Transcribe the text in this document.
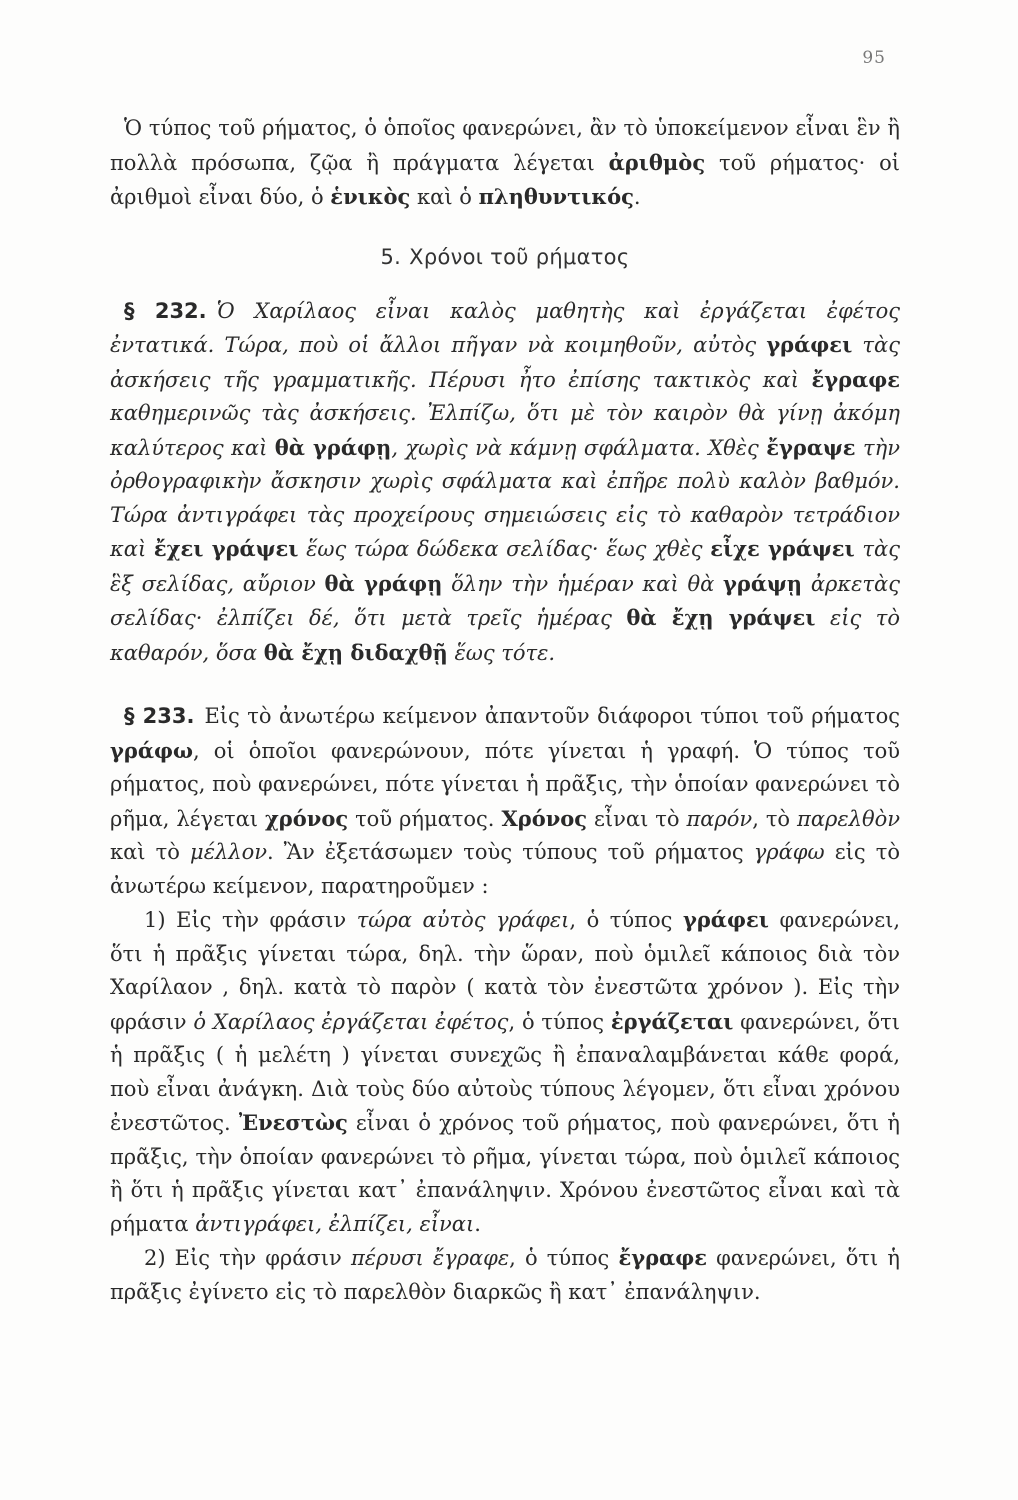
95

Ὁ τύπος τοῦ ρήματος, ὁ ὁποῖος φανερώνει, ἂν τὸ ὑποκείμενον εἶναι ἓν ἢ πολλὰ πρόσωπα, ζῷα ἢ πράγματα λέγεται ἀριθμὸς τοῦ ρήματος· οἱ ἀριθμοὶ εἶναι δύο, ὁ ἑνικὸς καὶ ὁ πληθυντικός.

5. Χρόνοι τοῦ ρήματος

§ 232. Ὁ Χαρίλαος εἶναι καλὸς μαθητὴς καὶ ἐργάζεται ἐφέτος ἐντατικά. Τώρα, ποὺ οἱ ἄλλοι πῆγαν νὰ κοιμηθοῦν, αὐτὸς γράφει τὰς ἀσκήσεις τῆς γραμματικῆς. Πέρυσι ἦτο ἐπίσης τακτικὸς καὶ ἔγραφε καθημερινῶς τὰς ἀσκήσεις. Ἐλπίζω, ὅτι μὲ τὸν καιρὸν θὰ γίνῃ ἀκόμη καλύτερος καὶ θὰ γράφῃ, χωρὶς νὰ κάμνῃ σφάλματα. Χθὲς ἔγραψε τὴν ὀρθογραφικὴν ἄσκησιν χωρὶς σφάλματα καὶ ἐπῆρε πολὺ καλὸν βαθμόν. Τώρα ἀντιγράφει τὰς προχείρους σημειώσεις εἰς τὸ καθαρὸν τετράδιον καὶ ἔχει γράψει ἕως τώρα δώδεκα σελίδας· ἕως χθὲς εἶχε γράψει τὰς ἓξ σελίδας, αὔριον θὰ γράφῃ ὅλην τὴν ἡμέραν καὶ θὰ γράψῃ ἀρκετὰς σελίδας· ἐλπίζει δέ, ὅτι μετὰ τρεῖς ἡμέρας θὰ ἔχῃ γράψει εἰς τὸ καθαρόν, ὅσα θὰ ἔχῃ διδαχθῇ ἕως τότε.

§ 233. Εἰς τὸ ἀνωτέρω κείμενον ἀπαντοῦν διάφοροι τύποι τοῦ ρήματος γράφω, οἱ ὁποῖοι φανερώνουν, πότε γίνεται ἡ γραφή. Ὁ τύπος τοῦ ρήματος, ποὺ φανερώνει, πότε γίνεται ἡ πρᾶξις, τὴν ὁποίαν φανερώνει τὸ ρῆμα, λέγεται χρόνος τοῦ ρήματος. Χρόνος εἶναι τὸ παρόν, τὸ παρελθὸν καὶ τὸ μέλλον. Ἂν ἐξετάσωμεν τοὺς τύπους τοῦ ρήματος γράφω εἰς τὸ ἀνωτέρω κείμενον, παρατηροῦμεν :

1) Εἰς τὴν φράσιν τώρα αὐτὸς γράφει, ὁ τύπος γράφει φανερώνει, ὅτι ἡ πρᾶξις γίνεται τώρα, δηλ. τὴν ὥραν, ποὺ ὁμιλεῖ κάποιος διὰ τὸν Χαρίλαον , δηλ. κατὰ τὸ παρὸν ( κατὰ τὸν ἐνεστῶτα χρόνον ). Εἰς τὴν φράσιν ὁ Χαρίλαος ἐργάζεται ἐφέτος, ὁ τύπος ἐργάζεται φανερώνει, ὅτι ἡ πρᾶξις ( ἡ μελέτη ) γίνεται συνεχῶς ἢ ἐπαναλαμβάνεται κάθε φορά, ποὺ εἶναι ἀνάγκη. Διὰ τοὺς δύο αὐτοὺς τύπους λέγομεν, ὅτι εἶναι χρόνου ἐνεστῶτος. Ἐνεστὼς εἶναι ὁ χρόνος τοῦ ρήματος, ποὺ φανερώνει, ὅτι ἡ πρᾶξις, τὴν ὁποίαν φανερώνει τὸ ρῆμα, γίνεται τώρα, ποὺ ὁμιλεῖ κάποιος ἢ ὅτι ἡ πρᾶξις γίνεται κατ᾽ ἐπανάληψιν. Χρόνου ἐνεστῶτος εἶναι καὶ τὰ ρήματα ἀντιγράφει, ἐλπίζει, εἶναι.

2) Εἰς τὴν φράσιν πέρυσι ἔγραφε, ὁ τύπος ἔγραφε φανερώνει, ὅτι ἡ πρᾶξις ἐγίνετο εἰς τὸ παρελθὸν διαρκῶς ἢ κατ᾽ ἐπανάληψιν.
